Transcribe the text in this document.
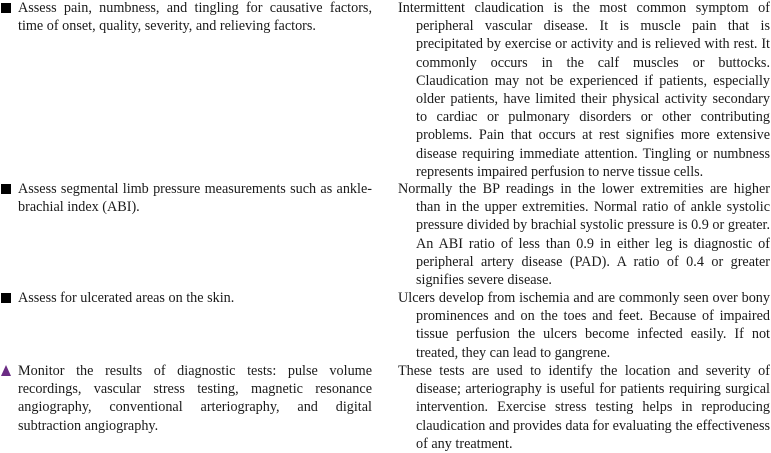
Assess pain, numbness, and tingling for causative factors, time of onset, quality, severity, and relieving factors.
Intermittent claudication is the most common symptom of peripheral vascular disease. It is muscle pain that is precipitated by exercise or activity and is relieved with rest. It commonly occurs in the calf muscles or buttocks. Claudication may not be experienced if patients, especially older patients, have limited their physical activity secondary to cardiac or pulmonary disorders or other contributing problems. Pain that occurs at rest signifies more extensive disease requiring immediate attention. Tingling or numbness represents impaired perfusion to nerve tissue cells.
Assess segmental limb pressure measurements such as ankle-brachial index (ABI).
Normally the BP readings in the lower extremities are higher than in the upper extremities. Normal ratio of ankle systolic pressure divided by brachial systolic pressure is 0.9 or greater. An ABI ratio of less than 0.9 in either leg is diagnostic of peripheral artery disease (PAD). A ratio of 0.4 or greater signifies severe disease.
Assess for ulcerated areas on the skin.	Ulcers develop from ischemia and are commonly seen over bony prominences and on the toes and feet. Because of impaired tissue perfusion the ulcers become infected easily. If not treated, they can lead to gangrene.
Monitor the results of diagnostic tests: pulse volume recordings, vascular stress testing, magnetic resonance angiography, conventional arteriography, and digital subtraction angiography.
These tests are used to identify the location and severity of disease; arteriography is useful for patients requiring surgical intervention. Exercise stress testing helps in reproducing claudication and provides data for evaluating the effectiveness of any treatment.
